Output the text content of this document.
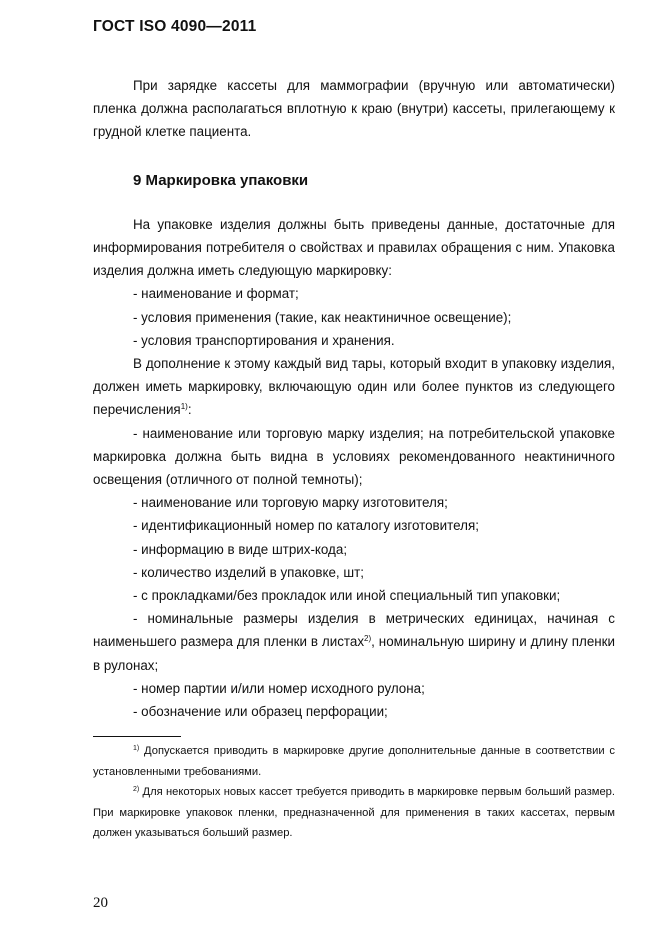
ГОСТ ISO 4090—2011

При зарядке кассеты для маммографии (вручную или автоматически) пленка должна располагаться вплотную к краю (внутри) кассеты, прилегающему к грудной клетке пациента.

9 Маркировка упаковки

На упаковке изделия должны быть приведены данные, достаточные для информирования потребителя о свойствах и правилах обращения с ним. Упаковка изделия должна иметь следующую маркировку:

- наименование и формат;

- условия применения (такие, как неактиничное освещение);

- условия транспортирования и хранения.

В дополнение к этому каждый вид тары, который входит в упаковку изделия, должен иметь маркировку, включающую один или более пунктов из следующего перечисления$^{1)}$:

- наименование или торговую марку изделия; на потребительской упаковке маркировка должна быть видна в условиях рекомендованного неактиничного освещения (отличного от полной темноты);

- наименование или торговую марку изготовителя;

- идентификационный номер по каталогу изготовителя;

- информацию в виде штрих-кода;

- количество изделий в упаковке, шт;

- с прокладками/без прокладок или иной специальный тип упаковки;

- номинальные размеры изделия в метрических единицах, начиная с наименьшего размера для пленки в листах$^{2)}$, номинальную ширину и длину пленки в рулонах;

- номер партии и/или номер исходного рулона;

- обозначение или образец перфорации;

$^{1)}$ Допускается приводить в маркировке другие дополнительные данные в соответствии с установленными требованиями.

$^{2)}$ Для некоторых новых кассет требуется приводить в маркировке первым больший размер. При маркировке упаковок пленки, предназначенной для применения в таких кассетах, первым должен указываться больший размер.

20
